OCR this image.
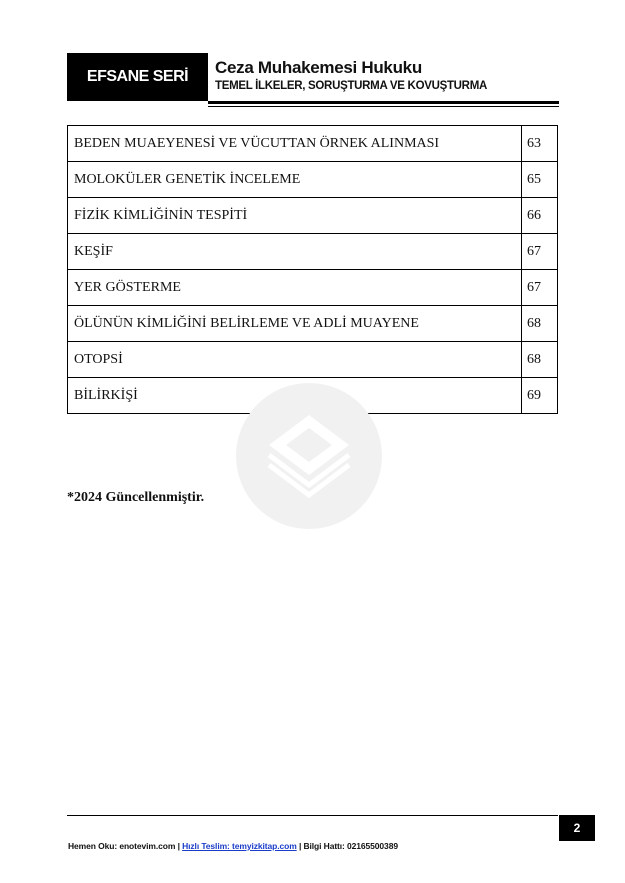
EFSANE SERİ	Ceza Muhakemesi Hukuku
TEMEL İLKELER, SORUŞTURMA VE KOVUŞTURMA
BEDEN MUAEYENESİ VE VÜCUTTAN ÖRNEK ALINMASI	63
MOLOKÜLER GENETİK İNCELEME	65
FİZİK KİMLİĞİNİN TESPİTİ	66
KEŞİF	67
YER GÖSTERME	67
ÖLÜNÜN KİMLİĞİNİ BELİRLEME VE ADLİ MUAYENE	68
OTOPSİ	68
BİLİRKİŞİ	69
*2024 Güncellenmiştir.
2
Hemen Oku: enotevim.com | Hızlı Teslim: temyizkitap.com | Bilgi Hattı: 02165500389
